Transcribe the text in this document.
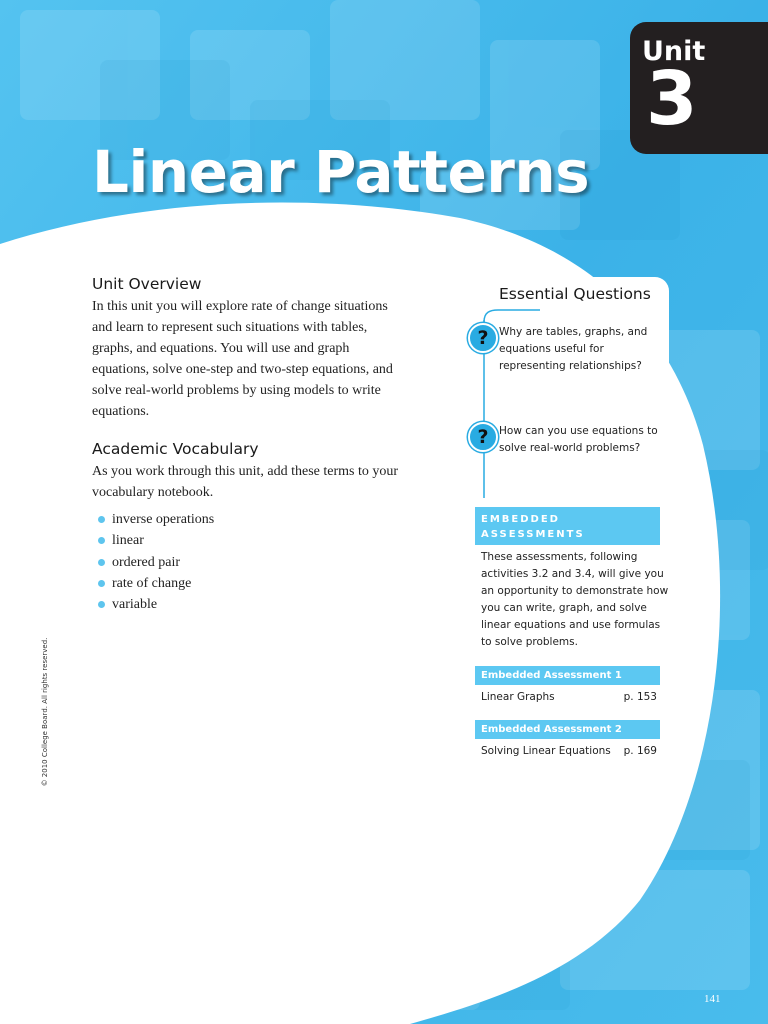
Unit
3
Linear Patterns
Unit Overview

In this unit you will explore rate of change situations and learn to represent such situations with tables, graphs, and equations. You will use and graph equations, solve one-step and two-step equations, and solve real-world problems by using models to write equations.

Academic Vocabulary

As you work through this unit, add these terms to your vocabulary notebook.

inverse operations
linear
ordered pair
rate of change
variable
© 2010 College Board. All rights reserved.
Essential Questions
? Why are tables, graphs, and equations useful for representing relationships?

? How can you use equations to solve real-world problems?

EMBEDDED ASSESSMENTS

These assessments, following activities 3.2 and 3.4, will give you an opportunity to demonstrate how you can write, graph, and solve linear equations and use formulas to solve problems.

Embedded Assessment 1
Linear Graphs	p. 153
Embedded Assessment 2
Solving Linear Equations p. 169
141
